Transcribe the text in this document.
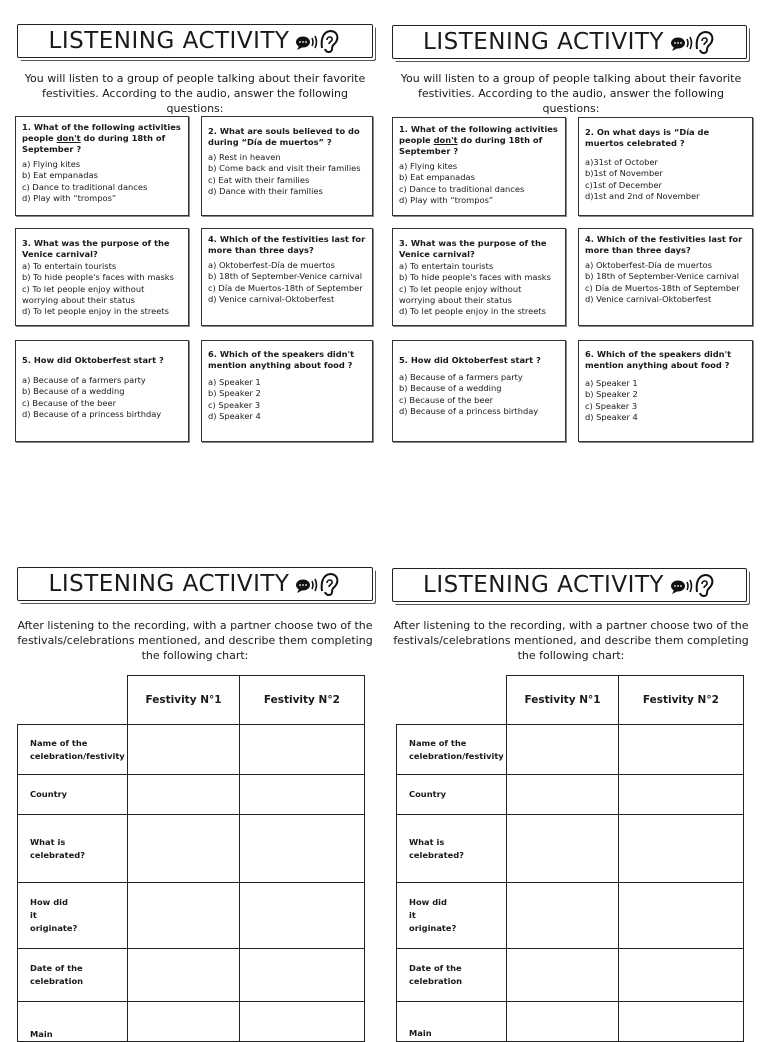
LISTENING ACTIVITY
You will listen to a group of people talking about their favorite festivities. According to the audio, answer the following questions:
1. What of the following activities people don't do during 18th of September ?
a) Flying kites
b) Eat empanadas
c) Dance to traditional dances
d) Play with “trompos”
2. What are souls believed to do during “Día de muertos” ?
a) Rest in heaven
b) Come back and visit their families
c) Eat with their families
d) Dance with their families
3. What was the purpose of the Venice carnival?
a) To entertain tourists
b) To hide people's faces with masks
c) To let people enjoy without worrying about their status
d) To let people enjoy in the streets
4. Which of the festivities last for more than three days?
a) Oktoberfest-Día de muertos
b) 18th of September-Venice carnival
c) Día de Muertos-18th of September
d) Venice carnival-Oktoberfest
5. How did Oktoberfest start ?
a) Because of a farmers party
b) Because of a wedding
c) Because of the beer
d) Because of a princess birthday
6. Which of the speakers didn't mention anything about food ?
a) Speaker 1
b) Speaker 2
c) Speaker 3
d) Speaker 4
LISTENING ACTIVITY
You will listen to a group of people talking about their favorite festivities. According to the audio, answer the following questions:
1. What of the following activities people don't do during 18th of September ?
a) Flying kites
b) Eat empanadas
c) Dance to traditional dances
d) Play with “trompos”
2. On what days is “Día de muertos celebrated ?
a)31st of October
b)1st of November
c)1st of December
d)1st and 2nd of November
3. What was the purpose of the Venice carnival?
a) To entertain tourists
b) To hide people's faces with masks
c) To let people enjoy without worrying about their status
d) To let people enjoy in the streets
4. Which of the festivities last for more than three days?
a) Oktoberfest-Día de muertos
b) 18th of September-Venice carnival
c) Día de Muertos-18th of September
d) Venice carnival-Oktoberfest
5. How did Oktoberfest start ?
a) Because of a farmers party
b) Because of a wedding
c) Because of the beer
d) Because of a princess birthday
6. Which of the speakers didn't mention anything about food ?
a) Speaker 1
b) Speaker 2
c) Speaker 3
d) Speaker 4
LISTENING ACTIVITY
After listening to the recording, with a partner choose two of the festivals/celebrations mentioned, and describe them completing the following chart:
	Festivity N°1	Festivity N°2
Name of the celebration/festivity		
Country		
What is celebrated?		
How did it originate?		
Date of the celebration		
Main		
LISTENING ACTIVITY
After listening to the recording, with a partner choose two of the festivals/celebrations mentioned, and describe them completing the following chart:
	Festivity N°1	Festivity N°2
Name of the celebration/festivity		
Country		
What is celebrated?		
How did it originate?		
Date of the celebration		
Main		
